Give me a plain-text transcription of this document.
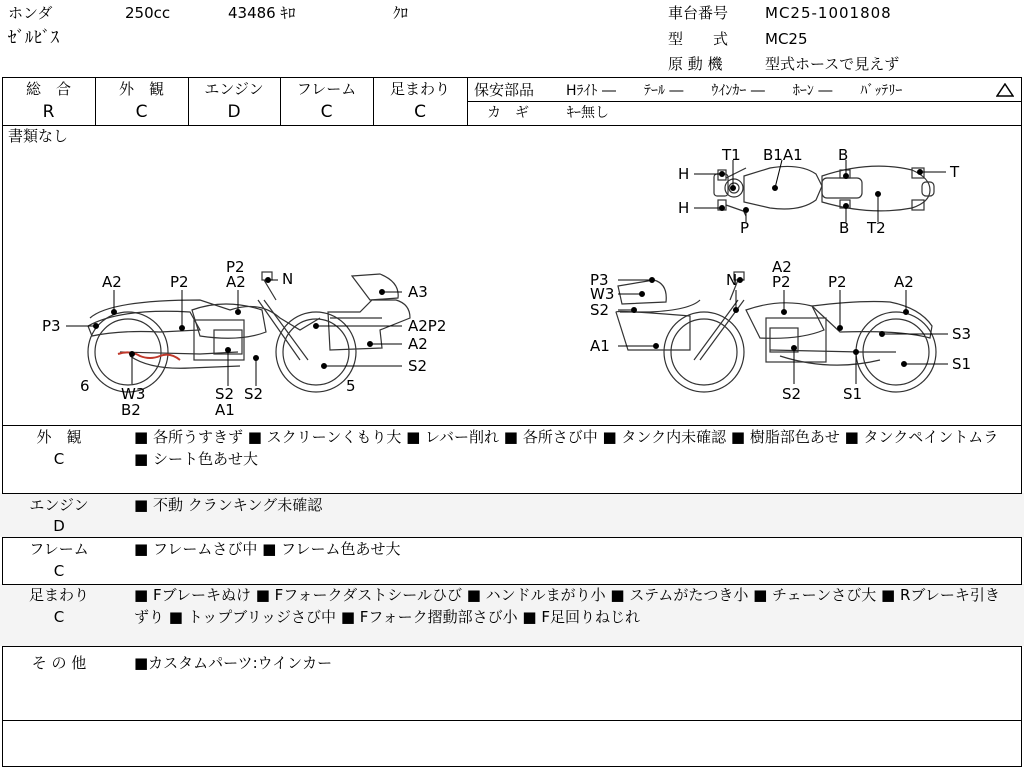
ホンダ	250cc	43486 ｷﾛ	ｸﾛ
ｾﾞﾙﾋﾞｽ
車台番号 MC25-1001808
型　　式 MC25
原 動 機	型式ホースで見えず
総　合
R
外　観
C
エンジン
D
フレーム
C
足まわり
C
保安部品 Hﾗｲﾄ ―　　ﾃｰﾙ ―　　ｳｲﾝｶｰ ―　　ﾎｰﾝ ―　　ﾊﾞｯﾃﾘｰ
カ　ギ	ｷｰ無し
書類なし
T1 B1A1 B
H
H
P	B T2
T
A2	P2
P2
A2 N
A3
P3	A2P2
A2
S2
6 W3
B2
S2 S2
A1
5
P3
W3
S2
A1
N
A2
P2 P2	A2
S3
S1
S2	S1
外　観
C
■ 各所うすきず ■ スクリーンくもり大 ■ レバー削れ ■ 各所さび中 ■ タンク内未確認 ■ 樹脂部色あせ ■ タンクペイントムラ ■ シート色あせ大
エンジン
D
■ 不動 クランキング未確認
フレーム
C
■ フレームさび中 ■ フレーム色あせ大
足まわり
C
■ Fブレーキぬけ ■ Fフォークダストシールひび ■ ハンドルまがり小 ■ ステムがたつき小 ■ チェーンさび大 ■ Rブレーキ引きずり ■ トップブリッジさび中 ■ Fフォーク摺動部さび小 ■ F足回りねじれ
そ の 他	■カスタムパーツ:ウインカー
